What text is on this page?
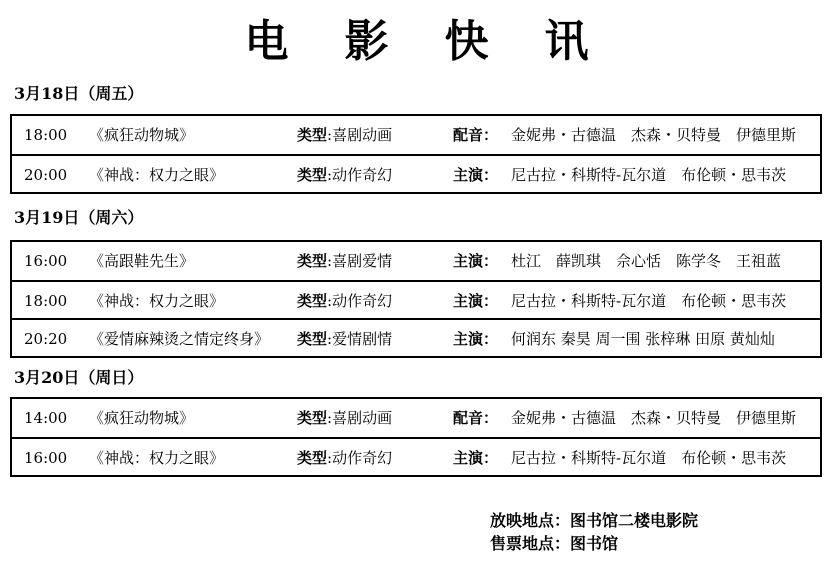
电影快讯
3月18日（周五）
18:00 《疯狂动物城》	类型:喜剧动画	配音： 金妮弗・古德温　杰森・贝特曼　伊德里斯
20:00 《神战：权力之眼》	类型:动作奇幻	主演： 尼古拉・科斯特-瓦尔道　布伦顿・思韦茨
3月19日（周六）
16:00 《高跟鞋先生》	类型:喜剧爱情	主演： 杜江　薛凯琪　佘心恬　陈学冬　王祖蓝
18:00 《神战：权力之眼》	类型:动作奇幻	主演： 尼古拉・科斯特-瓦尔道　布伦顿・思韦茨
20:20 《爱情麻辣烫之情定终身》 类型:爱情剧情	主演： 何润东 秦昊 周一围 张梓琳 田原 黄灿灿
3月20日（周日）
14:00 《疯狂动物城》	类型:喜剧动画	配音： 金妮弗・古德温　杰森・贝特曼　伊德里斯
16:00 《神战：权力之眼》	类型:动作奇幻	主演： 尼古拉・科斯特-瓦尔道　布伦顿・思韦茨
放映地点：图书馆二楼电影院
售票地点：图书馆
